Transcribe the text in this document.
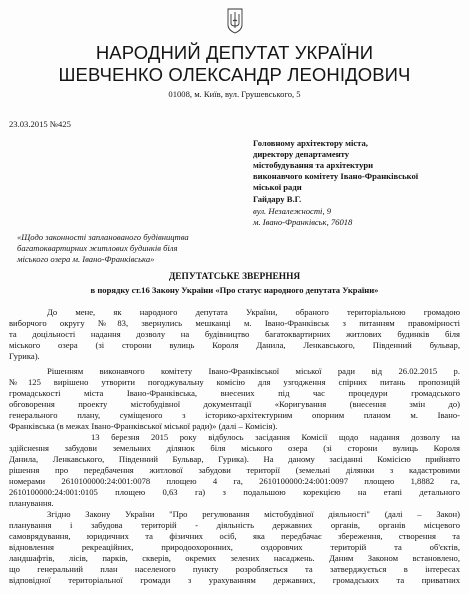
НАРОДНИЙ ДЕПУТАТ УКРАЇНИ
ШЕВЧЕНКО ОЛЕКСАНДР ЛЕОНІДОВИЧ
01008, м. Київ, вул. Грушевського, 5
23.03.2015 №425
Головному архітектору міста,
директору департаменту
містобудування та архітектури
виконавчого комітету Івано-Франківської
міської ради
Гайдару В.Г.
вул. Незалежності, 9
м. Івано-Франківськ, 76018
«Щодо законності запланованого будівництва
багатоквартирних житлових будинків біля
міського озера м. Івано-Франківська»
ДЕПУТАТСЬКЕ ЗВЕРНЕННЯ
в порядку ст.16 Закону України «Про статус народного депутата України»
До мене, як народного депутата України, обраного територіальною громадою
виборчого округу №83, звернулись мешканці м. Івано-Франківськ з питанням правомірності
та доцільності надання дозволу на будівництво багатоквартирних житлових будинків біля
міського озера (зі сторони вулиць Короля Данила, Ленкавського, Південний бульвар,
Гурика).
Рішенням виконавчого комітету Івано-Франківської міської ради від 26.02.2015 р.
№125 вирішено утворити погоджувальну комісію для узгодження спірних питань пропозицій
громадськості міста Івано-Франківська, внесених під час процедури громадського
обговорення проекту містобудівної документації «Коригування (внесення змін до)
генерального плану, суміщеного з історико-архітектурним опорним планом м. Івано-
Франківська (в межах Івано-Франківської міської ради)» (далі – Комісія).
13 березня 2015 року відбулось засідання Комісії щодо надання дозволу на
здійснення забудови земельних ділянок біля міського озера (зі сторони вулиць Короля
Данила, Ленкавського, Південний Бульвар, Гурика). На даному засіданні Комісією прийнято
рішення про передбачення житлової забудови території (земельні ділянки з кадастровими
номерами 2610100000:24:001:0078 площею 4 га, 2610100000:24:001:0097 площею 1,8882 га,
2610100000:24:001:0105 площею 0,63 га) з подальшою корекцією на етапі детального
планування.
Згідно Закону України "Про регулювання містобудівної діяльності" (далі – Закон)
планування і забудова територій - діяльність державних органів, органів місцевого
самоврядування, юридичних та фізичних осіб, яка передбачає збереження, створення та
відновлення рекреаційних, природоохоронних, оздоровчих територій та об'єктів,
ландшафтів, лісів, парків, скверів, окремих зелених насаджень. Даним Законом встановлено,
що генеральний план населеного пункту розробляється та затверджується в інтересах
відповідної територіальної громади з урахуванням державних, громадських та приватних
